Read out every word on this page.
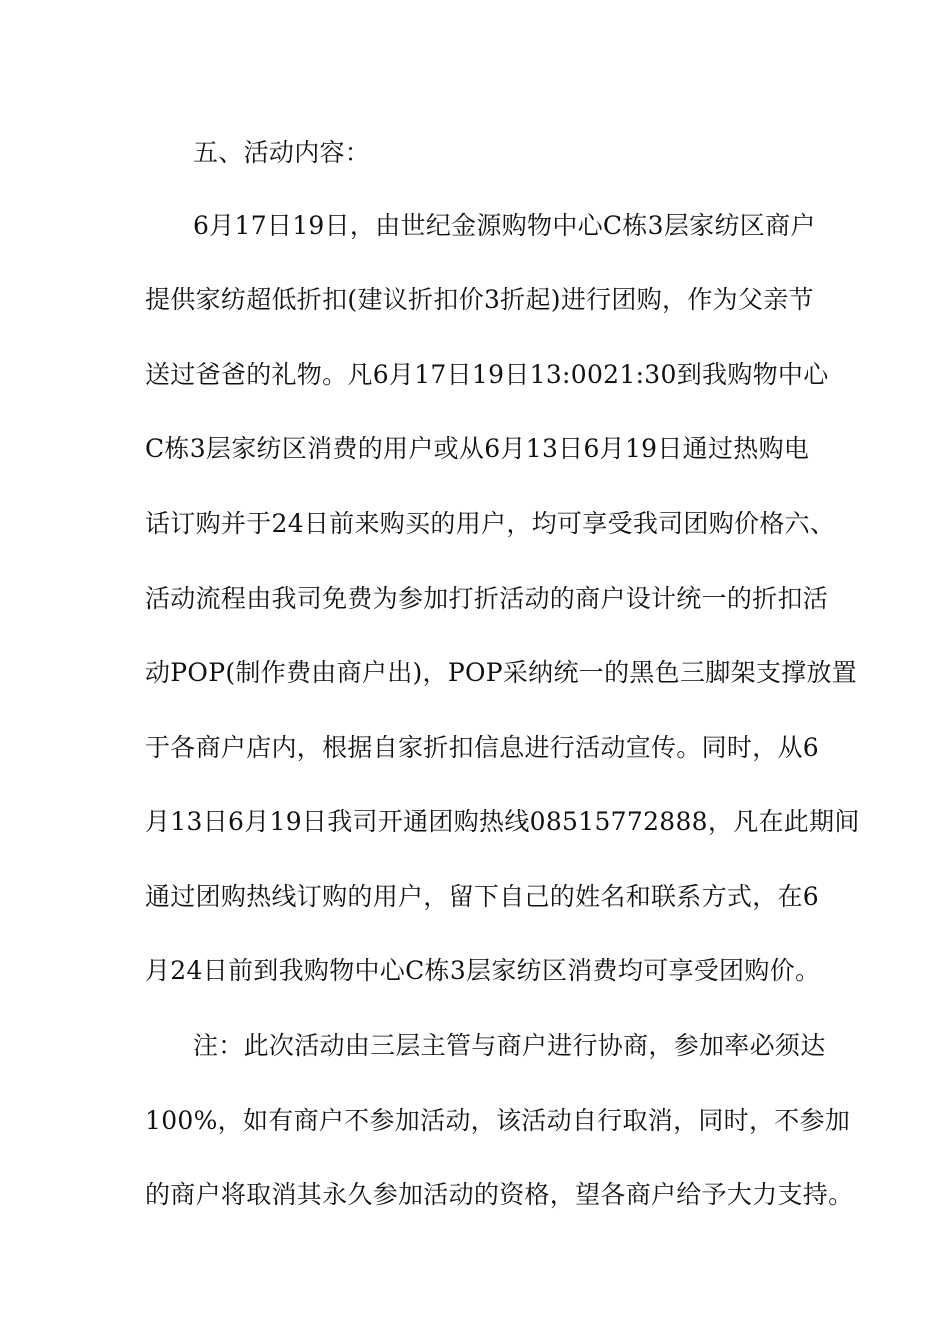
五、活动内容：
6月17日19日，由世纪金源购物中心C栋3层家纺区商户
提供家纺超低折扣(建议折扣价3折起)进行团购，作为父亲节
送过爸爸的礼物。凡6月17日19日13:0021:30到我购物中心
C栋3层家纺区消费的用户或从6月13日6月19日通过热购电
话订购并于24日前来购买的用户，均可享受我司团购价格六、
活动流程由我司免费为参加打折活动的商户设计统一的折扣活
动POP(制作费由商户出)，POP采纳统一的黑色三脚架支撑放置
于各商户店内，根据自家折扣信息进行活动宣传。同时，从6
月13日6月19日我司开通团购热线08515772888，凡在此期间
通过团购热线订购的用户，留下自己的姓名和联系方式，在6
月24日前到我购物中心C栋3层家纺区消费均可享受团购价。
注：此次活动由三层主管与商户进行协商，参加率必须达
100%，如有商户不参加活动，该活动自行取消，同时，不参加
的商户将取消其永久参加活动的资格，望各商户给予大力支持。
